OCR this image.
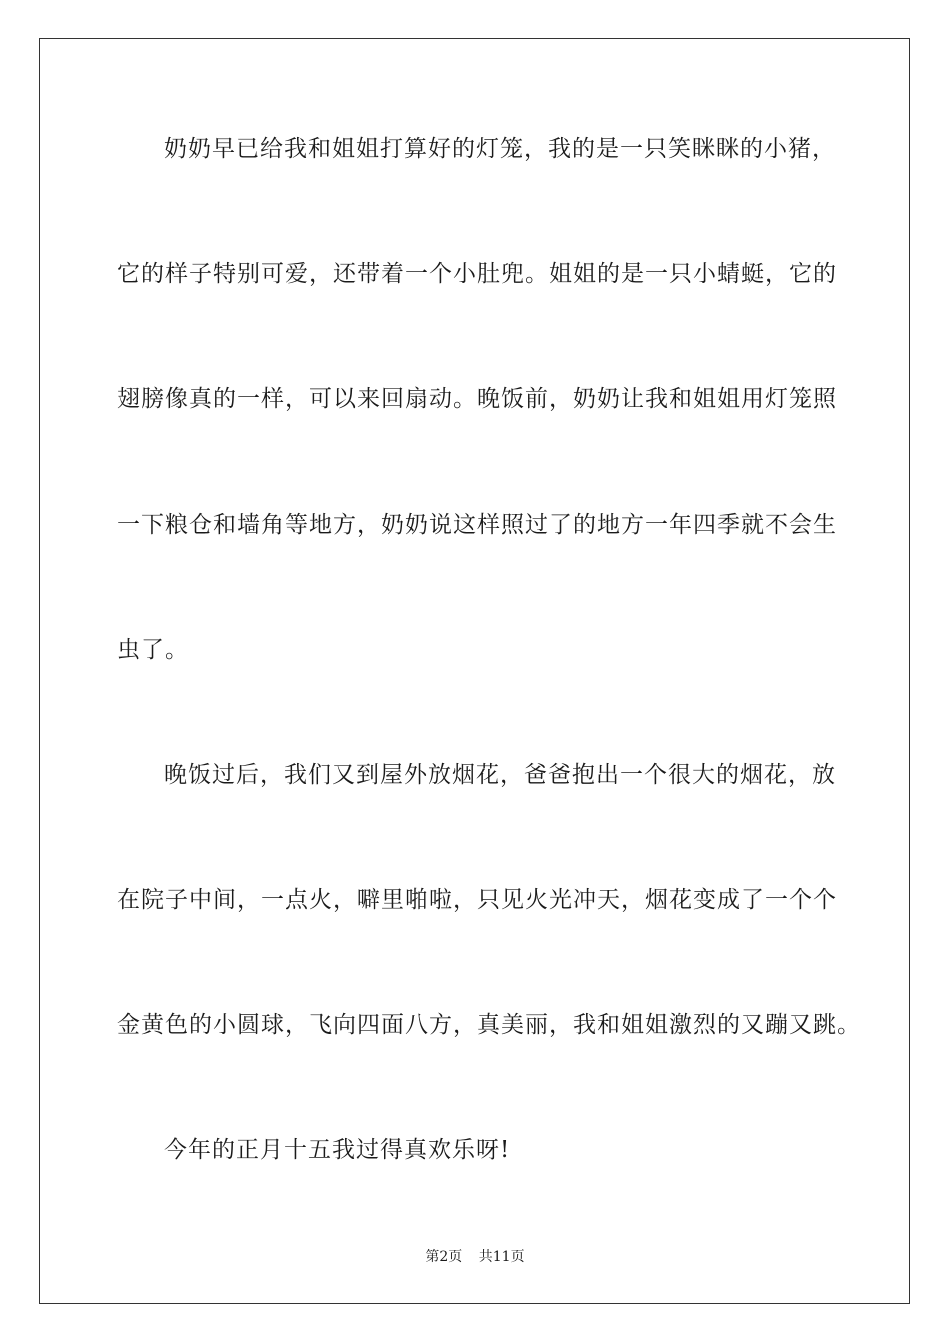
奶奶早已给我和姐姐打算好的灯笼，我的是一只笑眯眯的小猪，
它的样子特别可爱，还带着一个小肚兜。姐姐的是一只小蜻蜓，它的
翅膀像真的一样，可以来回扇动。晚饭前，奶奶让我和姐姐用灯笼照
一下粮仓和墙角等地方，奶奶说这样照过了的地方一年四季就不会生
虫了。
晚饭过后，我们又到屋外放烟花，爸爸抱出一个很大的烟花，放
在院子中间，一点火，噼里啪啦，只见火光冲天，烟花变成了一个个
金黄色的小圆球，飞向四面八方，真美丽，我和姐姐激烈的又蹦又跳。
今年的正月十五我过得真欢乐呀!
第2页 共11页
